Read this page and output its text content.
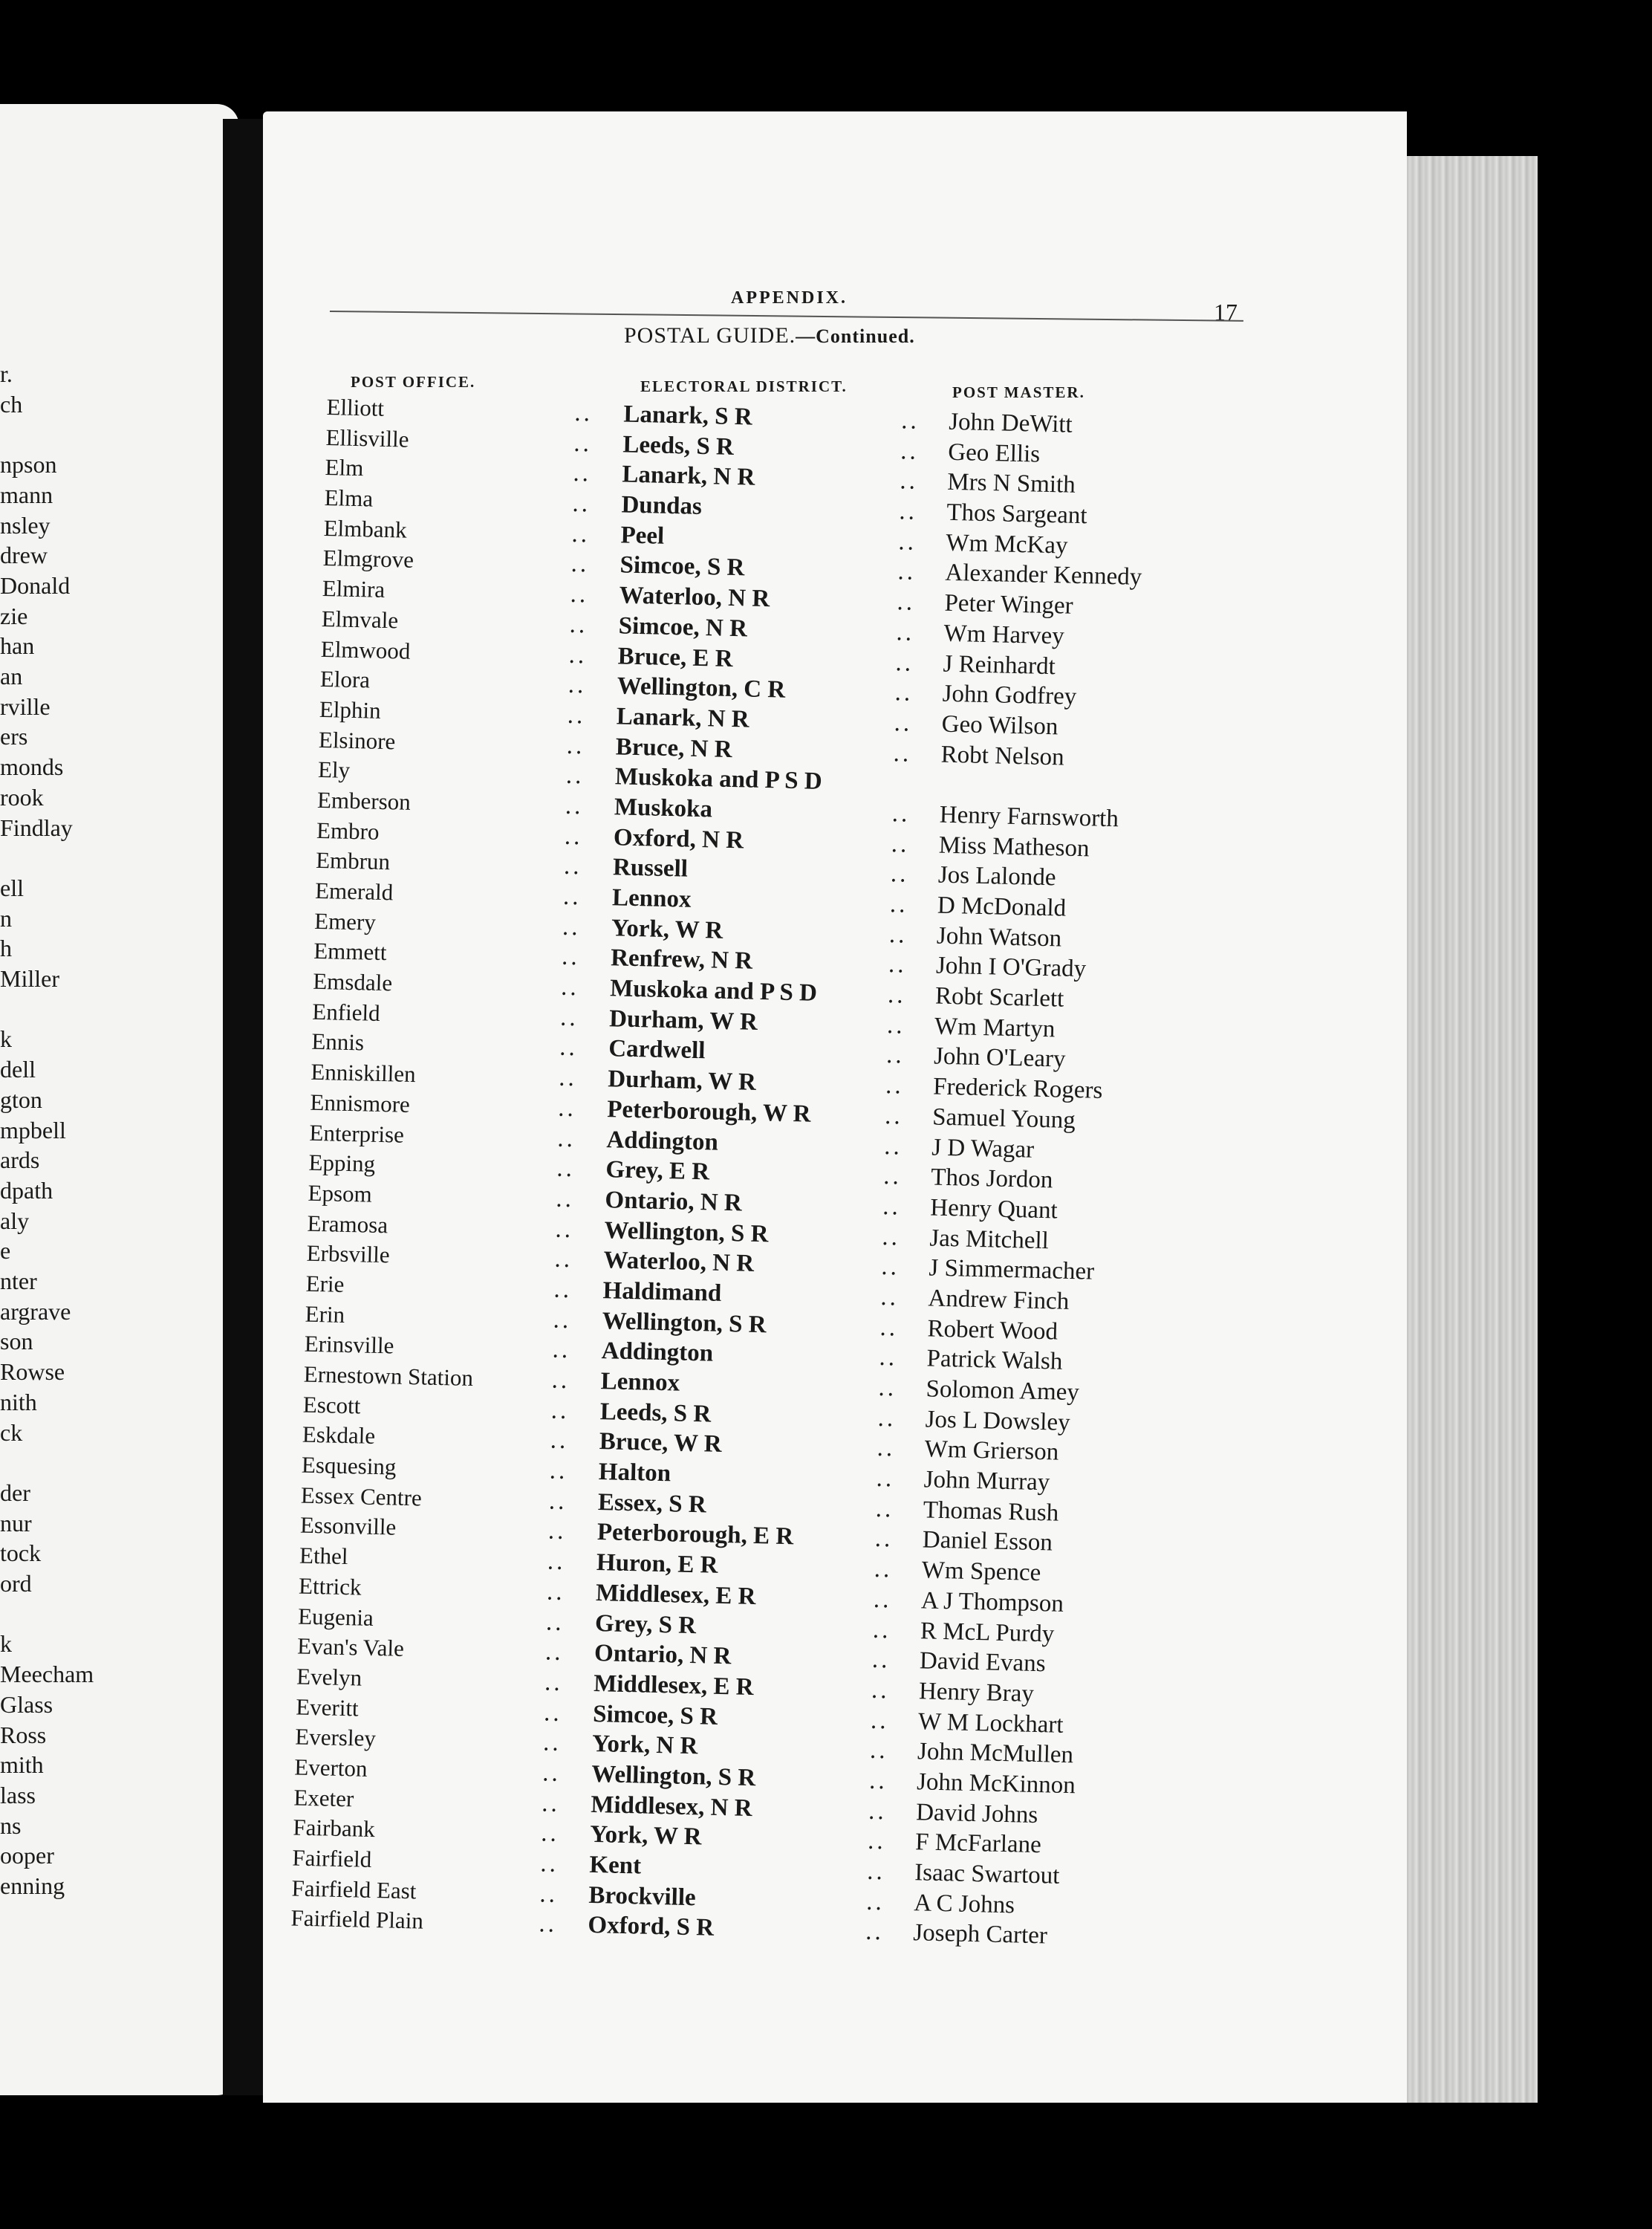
r.
ch
npson
mann
nsley
drew
Donald
zie
han
an
rville
ers
monds
rook
Findlay
ell
n
h
Miller
k
dell
gton
mpbell
ards
dpath
aly
e
nter
argrave
son
Rowse
nith
ck
der
nur
tock
ord
k
Meecham
Glass
Ross
mith
lass
ns
ooper
enning
APPENDIX.
17
POSTAL GUIDE.—Continued.
POST OFFICE.	ELECTORAL DISTRICT.	POST MASTER.
Elliott	.. Lanark, S R	.. John DeWitt
Ellisville	.. Leeds, S R	.. Geo Ellis
Elm	.. Lanark, N R	.. Mrs N Smith
Elma	.. Dundas	.. Thos Sargeant
Elmbank	.. Peel	.. Wm McKay
Elmgrove	.. Simcoe, S R	.. Alexander Kennedy
Elmira	.. Waterloo, N R	.. Peter Winger
Elmvale	.. Simcoe, N R	.. Wm Harvey
Elmwood	.. Bruce, E R	.. J Reinhardt
Elora	.. Wellington, C R	.. John Godfrey
Elphin	.. Lanark, N R	.. Geo Wilson
Elsinore	.. Bruce, N R	.. Robt Nelson
Ely	.. Muskoka and P S D
Emberson	.. Muskoka	.. Henry Farnsworth
Embro	.. Oxford, N R	.. Miss Matheson
Embrun	.. Russell	.. Jos Lalonde
Emerald	.. Lennox	.. D McDonald
Emery	.. York, W R	.. John Watson
Emmett	.. Renfrew, N R	.. John I O'Grady
Emsdale	.. Muskoka and P S D	.. Robt Scarlett
Enfield	.. Durham, W R	.. Wm Martyn
Ennis	.. Cardwell	.. John O'Leary
Enniskillen	.. Durham, W R	.. Frederick Rogers
Ennismore	.. Peterborough, W R	.. Samuel Young
Enterprise	.. Addington	.. J D Wagar
Epping	.. Grey, E R	.. Thos Jordon
Epsom	.. Ontario, N R	.. Henry Quant
Eramosa	.. Wellington, S R	.. Jas Mitchell
Erbsville	.. Waterloo, N R	.. J Simmermacher
Erie	.. Haldimand	.. Andrew Finch
Erin	.. Wellington, S R	.. Robert Wood
Erinsville	.. Addington	.. Patrick Walsh
Ernestown Station	.. Lennox	.. Solomon Amey
Escott	.. Leeds, S R	.. Jos L Dowsley
Eskdale	.. Bruce, W R	.. Wm Grierson
Esquesing	.. Halton	.. John Murray
Essex Centre	.. Essex, S R	.. Thomas Rush
Essonville	.. Peterborough, E R	.. Daniel Esson
Ethel	.. Huron, E R	.. Wm Spence
Ettrick	.. Middlesex, E R	.. A J Thompson
Eugenia	.. Grey, S R	.. R McL Purdy
Evan's Vale	.. Ontario, N R	.. David Evans
Evelyn	.. Middlesex, E R	.. Henry Bray
Everitt	.. Simcoe, S R	.. W M Lockhart
Eversley	.. York, N R	.. John McMullen
Everton	.. Wellington, S R	.. John McKinnon
Exeter	.. Middlesex, N R	.. David Johns
Fairbank	.. York, W R	.. F McFarlane
Fairfield	.. Kent	.. Isaac Swartout
Fairfield East	.. Brockville	.. A C Johns
Fairfield Plain	.. Oxford, S R	.. Joseph Carter
